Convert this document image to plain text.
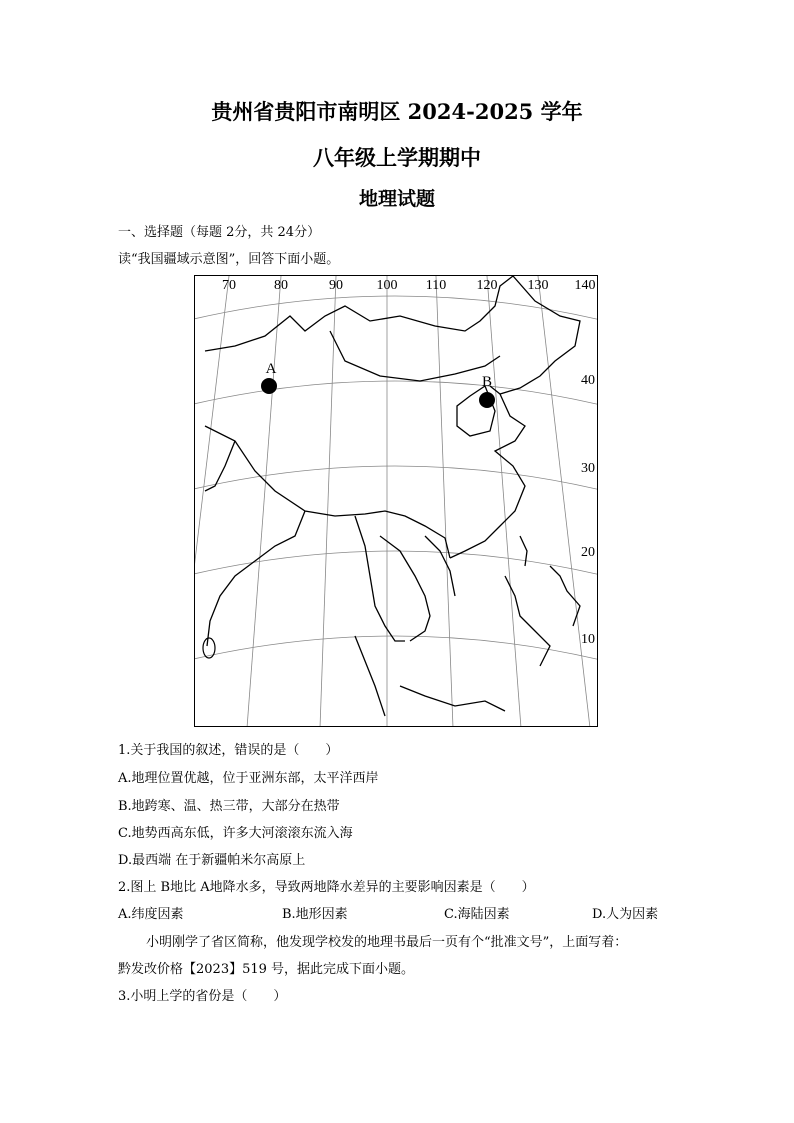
贵州省贵阳市南明区 2024-2025 学年
八年级上学期期中
地理试题
一、选择题（每题 2分，共 24分）
读“我国疆域示意图”，回答下面小题。
70	80	90 100 110 120 130 140
40
30
20
10
A
B
1.关于我国的叙述，错误的是（　　）
A.地理位置优越，位于亚洲东部，太平洋西岸
B.地跨寒、温、热三带，大部分在热带
C.地势西高东低，许多大河滚滚东流入海
D.最西端 在于新疆帕米尔高原上
2.图上 B地比 A地降水多，导致两地降水差异的主要影响因素是（　　）
A.纬度因素	B.地形因素	C.海陆因素	D.人为因素
小明刚学了省区简称，他发现学校发的地理书最后一页有个“批准文号”，上面写着：
黔发改价格【2023】519 号，据此完成下面小题。
3.小明上学的省份是（　　）
